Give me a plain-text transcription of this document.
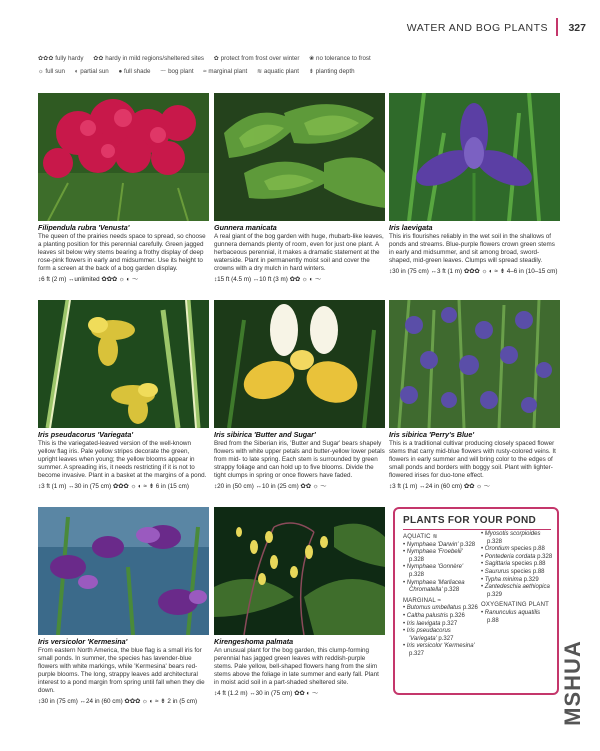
WATER AND BOG PLANTS 327
✿✿✿ fully hardy ✿✿ hardy in mild regions/sheltered sites ✿ protect from frost over winter ❀ no tolerance to frost
☼ full sun ◐ partial sun ● full shade 〜 bog plant ≈ marginal plant ≋ aquatic plant ⇟ planting depth
Filipendula rubra 'Venusta'
The queen of the prairies needs space to spread, so choose a planting position for this perennial carefully. Green jagged leaves sit below wiry stems bearing a frothy display of deep rose-pink flowers in early and midsummer. Use its height to form a screen at the back of a bog garden display.
↕6 ft (2 m) ↔unlimited ✿✿✿ ☼ ◐ 〜
Gunnera manicata
A real giant of the bog garden with huge, rhubarb-like leaves, gunnera demands plenty of room, even for just one plant. A herbaceous perennial, it makes a dramatic statement at the waterside. Plant in permanently moist soil and cover the crowns with a dry mulch in hard winters.
↕15 ft (4.5 m) ↔10 ft (3 m) ✿✿ ☼ ◐ 〜
Iris laevigata
This iris flourishes reliably in the wet soil in the shallows of ponds and streams. Blue-purple flowers crown green stems in early and midsummer, and sit among broad, sword-shaped, mid-green leaves. Clumps will spread steadily.
↕30 in (75 cm) ↔3 ft (1 m) ✿✿✿ ☼ ◐ ≈ ⇟ 4–6 in (10–15 cm)
Iris pseudacorus 'Variegata'
This is the variegated-leaved version of the well-known yellow flag iris. Pale yellow stripes decorate the green, upright leaves when young; the yellow blooms appear in summer. A spreading iris, it needs restricting if it is not to become invasive. Plant in a basket at the margins of a pond.
↕3 ft (1 m) ↔30 in (75 cm) ✿✿✿ ☼ ◐ ≈ ⇟ 6 in (15 cm)
Iris sibirica 'Butter and Sugar'
Bred from the Siberian iris, 'Butter and Sugar' bears shapely flowers with white upper petals and butter-yellow lower petals from mid- to late spring. Each stem is surrounded by green strappy foliage and can hold up to five blooms. Divide the tight clumps in spring or once flowers have faded.
↕20 in (50 cm) ↔10 in (25 cm) ✿✿ ☼ 〜
Iris sibirica 'Perry's Blue'
This is a traditional cultivar producing closely spaced flower stems that carry mid-blue flowers with rusty-colored veins. It flowers in early summer and will bring color to the edges of small ponds and borders with boggy soil. Plant with lighter-flowered irises for duo-tone effect.
↕3 ft (1 m) ↔24 in (60 cm) ✿✿ ☼ 〜
Iris versicolor 'Kermesina'
From eastern North America, the blue flag is a small iris for small ponds. In summer, the species has lavender-blue flowers with white markings, while 'Kermesina' bears red-purple blooms. The long, strappy leaves add architectural interest to a pond margin from spring until fall when they die down.
↕30 in (75 cm) ↔24 in (60 cm) ✿✿✿ ☼ ◐ ≈ ⇟ 2 in (5 cm)
Kirengeshoma palmata
An unusual plant for the bog garden, this clump-forming perennial has jagged green leaves with reddish-purple stems. Pale yellow, bell-shaped flowers hang from the slim stems above the foliage in late summer and early fall. Plant in moist acid soil in a part-shaded sheltered site.
↕4 ft (1.2 m) ↔30 in (75 cm) ✿✿ ◐ 〜
PLANTS FOR YOUR POND
AQUATIC ≋
• Nymphaea 'Darwin' p.328
• Nymphaea 'Froebelii' p.328
• Nymphaea 'Gonnère' p.328
• Nymphaea 'Marliacea Chromatella' p.328
MARGINAL ≈
• Butomus umbellatus p.326
• Caltha palustris p.326
• Iris laevigata p.327
• Iris pseudacorus 'Variegata' p.327
• Iris versicolor 'Kermesina' p.327
• Myosotis scorpioides p.328
• Orontium species p.88
• Pontederia cordata p.328
• Sagittaria species p.88
• Saururus species p.88
• Typha minima p.329
• Zantedeschia aethiopica p.329
OXYGENATING PLANT
• Ranunculus aquatilis p.88
MSHUA
